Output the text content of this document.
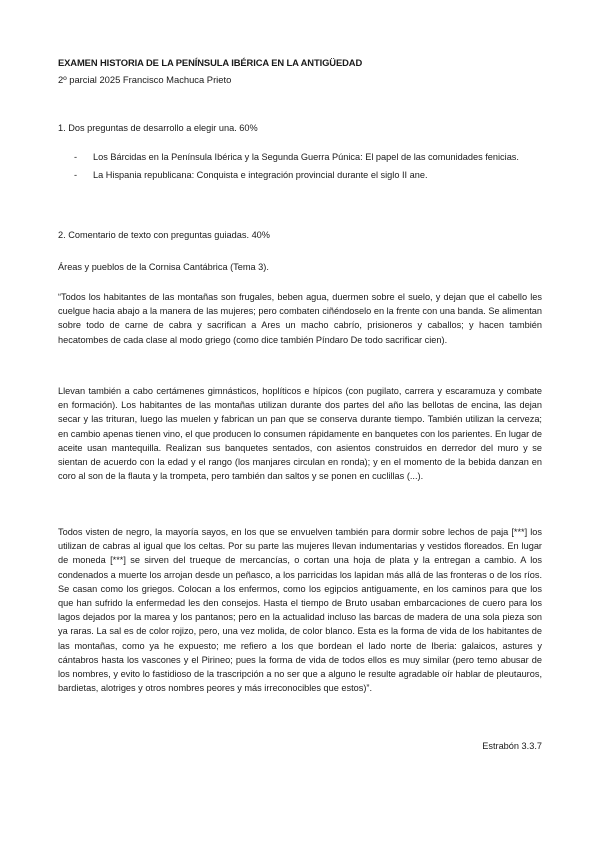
EXAMEN HISTORIA DE LA PENÍNSULA IBÉRICA EN LA ANTIGÜEDAD
2º parcial 2025 Francisco Machuca Prieto
1. Dos preguntas de desarrollo a elegir una. 60%
- Los Bárcidas en la Península Ibérica y la Segunda Guerra Púnica: El papel de las comunidades fenicias.
- La Hispania republicana: Conquista e integración provincial durante el siglo II ane.
2. Comentario de texto con preguntas guiadas. 40%
Áreas y pueblos de la Cornisa Cantábrica (Tema 3).

“Todos los habitantes de las montañas son frugales, beben agua, duermen sobre el suelo, y dejan que el cabello les cuelgue hacia abajo a la manera de las mujeres; pero combaten ciñéndoselo en la frente con una banda. Se alimentan sobre todo de carne de cabra y sacrifican a Ares un macho cabrío, prisioneros y caballos; y hacen también hecatombes de cada clase al modo griego (como dice también Píndaro De todo sacrificar cien).

Llevan también a cabo certámenes gimnásticos, hoplíticos e hípicos (con pugilato, carrera y escaramuza y combate en formación). Los habitantes de las montañas utilizan durante dos partes del año las bellotas de encina, las dejan secar y las trituran, luego las muelen y fabrican un pan que se conserva durante tiempo. También utilizan la cerveza; en cambio apenas tienen vino, el que producen lo consumen rápidamente en banquetes con los parientes. En lugar de aceite usan mantequilla. Realizan sus banquetes sentados, con asientos construidos en derredor del muro y se sientan de acuerdo con la edad y el rango (los manjares circulan en ronda); y en el momento de la bebida danzan en coro al son de la flauta y la trompeta, pero también dan saltos y se ponen en cuclillas (...).

Todos visten de negro, la mayoría sayos, en los que se envuelven también para dormir sobre lechos de paja [***] los utilizan de cabras al igual que los celtas. Por su parte las mujeres llevan indumentarias y vestidos floreados. En lugar de moneda [***] se sirven del trueque de mercancías, o cortan una hoja de plata y la entregan a cambio. A los condenados a muerte los arrojan desde un peñasco, a los parricidas los lapidan más allá de las fronteras o de los ríos. Se casan como los griegos. Colocan a los enfermos, como los egipcios antiguamente, en los caminos para que los que han sufrido la enfermedad les den consejos. Hasta el tiempo de Bruto usaban embarcaciones de cuero para los lagos dejados por la marea y los pantanos; pero en la actualidad incluso las barcas de madera de una sola pieza son ya raras. La sal es de color rojizo, pero, una vez molida, de color blanco. Esta es la forma de vida de los habitantes de las montañas, como ya he expuesto; me refiero a los que bordean el lado norte de Iberia: galaicos, astures y cántabros hasta los vascones y el Pirineo; pues la forma de vida de todos ellos es muy similar (pero temo abusar de los nombres, y evito lo fastidioso de la trascripción a no ser que a alguno le resulte agradable oír hablar de pleutauros, bardietas, alotriges y otros nombres peores y más irreconocibles que estos)”.

Estrabón 3.3.7
